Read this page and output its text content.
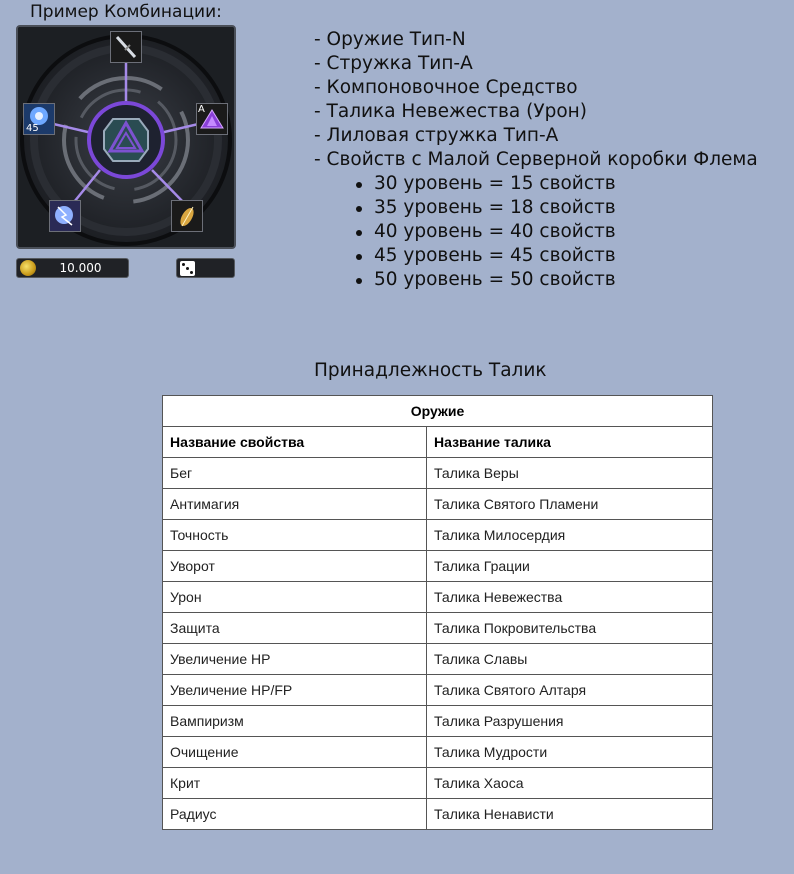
Пример Комбинации:
45
A
10.000
- Оружие Тип-N
- Стружка Тип-А
- Компоновочное Средство
- Талика Невежества (Урон)
- Лиловая стружка Тип-А
- Свойств с Малой Серверной коробки Флема
30 уровень = 15 свойств
35 уровень = 18 свойств
40 уровень = 40 свойств
45 уровень = 45 свойств
50 уровень = 50 свойств
Принадлежность Талик
Оружие	
Название свойства	Название талика
Бег	Талика Веры
Антимагия	Талика Святого Пламени
Точность	Талика Милосердия
Уворот	Талика Грации
Урон	Талика Невежества
Защита	Талика Покровительства
Увеличение HP	Талика Славы
Увеличение HP/FP	Талика Святого Алтаря
Вампиризм	Талика Разрушения
Очищение	Талика Мудрости
Крит	Талика Хаоса
Радиус	Талика Ненависти
